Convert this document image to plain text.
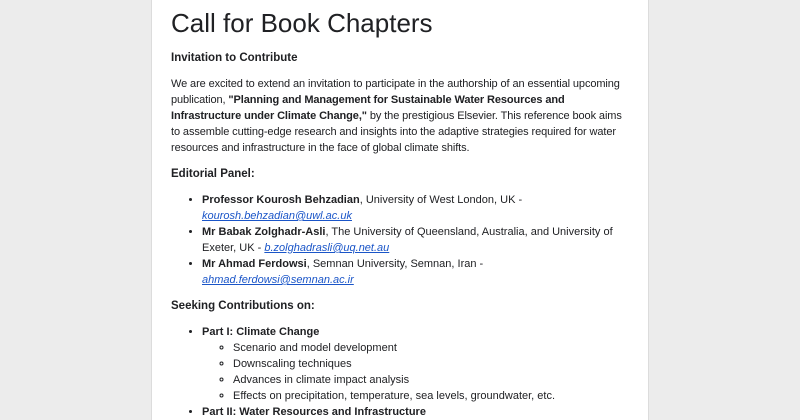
Call for Book Chapters
Invitation to Contribute

We are excited to extend an invitation to participate in the authorship of an essential upcoming publication, "Planning and Management for Sustainable Water Resources and Infrastructure under Climate Change," by the prestigious Elsevier. This reference book aims to assemble cutting-edge research and insights into the adaptive strategies required for water resources and infrastructure in the face of global climate shifts.

Editorial Panel:
• Professor Kourosh Behzadian, University of West London, UK - kourosh.behzadian@uwl.ac.uk
• Mr Babak Zolghadr-Asli, The University of Queensland, Australia, and University of Exeter, UK - b.zolghadrasli@uq.net.au
• Mr Ahmad Ferdowsi, Semnan University, Semnan, Iran - ahmad.ferdowsi@semnan.ac.ir
Seeking Contributions on:
• Part I: Climate Change
◦ Scenario and model development
◦ Downscaling techniques
◦ Advances in climate impact analysis
◦ Effects on precipitation, temperature, sea levels, groundwater, etc.
• Part II: Water Resources and Infrastructure
